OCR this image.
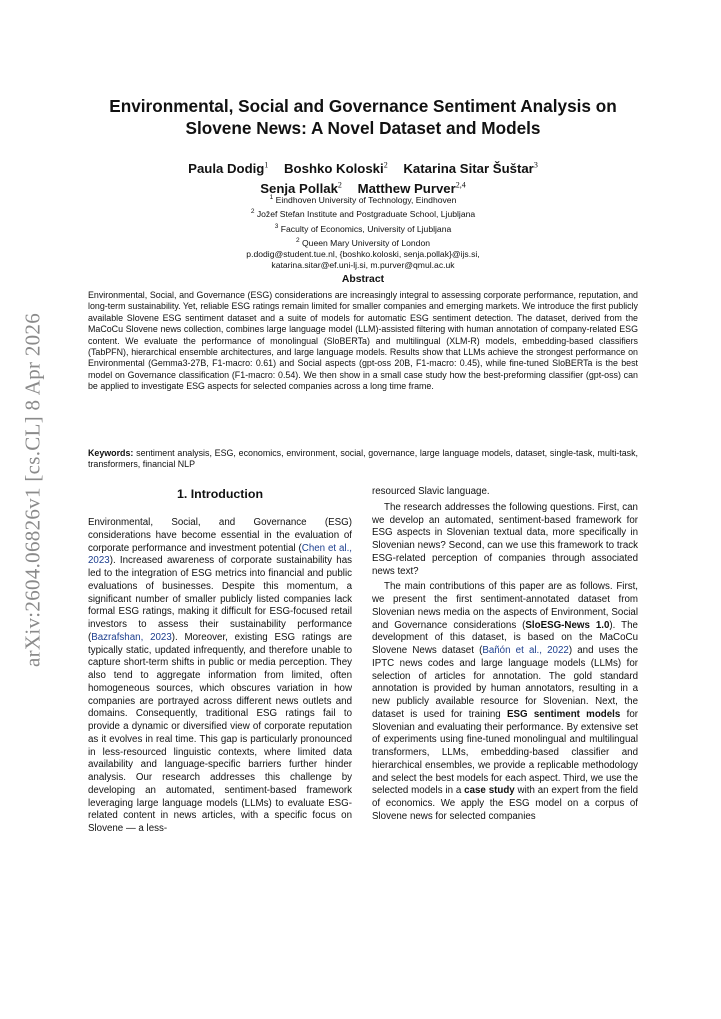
arXiv:2604.06826v1 [cs.CL] 8 Apr 2026
Environmental, Social and Governance Sentiment Analysis on
Slovene News: A Novel Dataset and Models
Paula Dodig$^1$ Boshko Koloski$^2$ Katarina Sitar Šuštar$^3$
Senja Pollak$^2$ Matthew Purver$^{2,4}$
$^1$ Eindhoven University of Technology, Eindhoven
$^2$ Jožef Stefan Institute and Postgraduate School, Ljubljana
$^3$ Faculty of Economics, University of Ljubljana
$^2$ Queen Mary University of London
p.dodig@student.tue.nl, {boshko.koloski, senja.pollak}@ijs.si,
katarina.sitar@ef.uni-lj.si, m.purver@qmul.ac.uk
Abstract
Environmental, Social, and Governance (ESG) considerations are increasingly integral to assessing corporate performance, reputation, and long-term sustainability. Yet, reliable ESG ratings remain limited for smaller companies and emerging markets. We introduce the first publicly available Slovene ESG sentiment dataset and a suite of models for automatic ESG sentiment detection. The dataset, derived from the MaCoCu Slovene news collection, combines large language model (LLM)-assisted filtering with human annotation of company-related ESG content. We evaluate the performance of monolingual (SloBERTa) and multilingual (XLM-R) models, embedding-based classifiers (TabPFN), hierarchical ensemble architectures, and large language models. Results show that LLMs achieve the strongest performance on Environmental (Gemma3-27B, F1-macro: 0.61) and Social aspects (gpt-oss 20B, F1-macro: 0.45), while fine-tuned SloBERTa is the best model on Governance classification (F1-macro: 0.54). We then show in a small case study how the best-preforming classifier (gpt-oss) can be applied to investigate ESG aspects for selected companies across a long time frame.
Keywords: sentiment analysis, ESG, economics, environment, social, governance, large language models, dataset, single-task, multi-task, transformers, financial NLP
1. Introduction

Environmental, Social, and Governance (ESG) considerations have become essential in the evaluation of corporate performance and investment potential (Chen et al., 2023). Increased awareness of corporate sustainability has led to the integration of ESG metrics into financial and public evaluations of businesses. Despite this momentum, a significant number of smaller publicly listed companies lack formal ESG ratings, making it difficult for ESG-focused retail investors to assess their sustainability performance (Bazrafshan, 2023). Moreover, existing ESG ratings are typically static, updated infrequently, and therefore unable to capture short-term shifts in public or media perception. They also tend to aggregate information from limited, often homogeneous sources, which obscures variation in how companies are portrayed across different news outlets and domains. Consequently, traditional ESG ratings fail to provide a dynamic or diversified view of corporate reputation as it evolves in real time. This gap is particularly pronounced in less-resourced linguistic contexts, where limited data availability and language-specific barriers further hinder analysis. Our research addresses this challenge by developing an automated, sentiment-based framework leveraging large language models (LLMs) to evaluate ESG-related content in news articles, with a specific focus on Slovene — a less-

resourced Slavic language.

The research addresses the following questions. First, can we develop an automated, sentiment-based framework for ESG aspects in Slovenian textual data, more specifically in Slovenian news? Second, can we use this framework to track ESG-related perception of companies through associated news text?

The main contributions of this paper are as follows. First, we present the first sentiment-annotated dataset from Slovenian news media on the aspects of Environment, Social and Governance considerations (SloESG-News 1.0). The development of this dataset, is based on the MaCoCu Slovene News dataset (Bañón et al., 2022) and uses the IPTC news codes and large language models (LLMs) for selection of articles for annotation. The gold standard annotation is provided by human annotators, resulting in a new publicly available resource for Slovenian. Next, the dataset is used for training ESG sentiment models for Slovenian and evaluating their performance. By extensive set of experiments using fine-tuned monolingual and multilingual transformers, LLMs, embedding-based classifier and hierarchical ensembles, we provide a replicable methodology and select the best models for each aspect. Third, we use the selected models in a case study with an expert from the field of economics. We apply the ESG model on a corpus of Slovene news for selected companies
